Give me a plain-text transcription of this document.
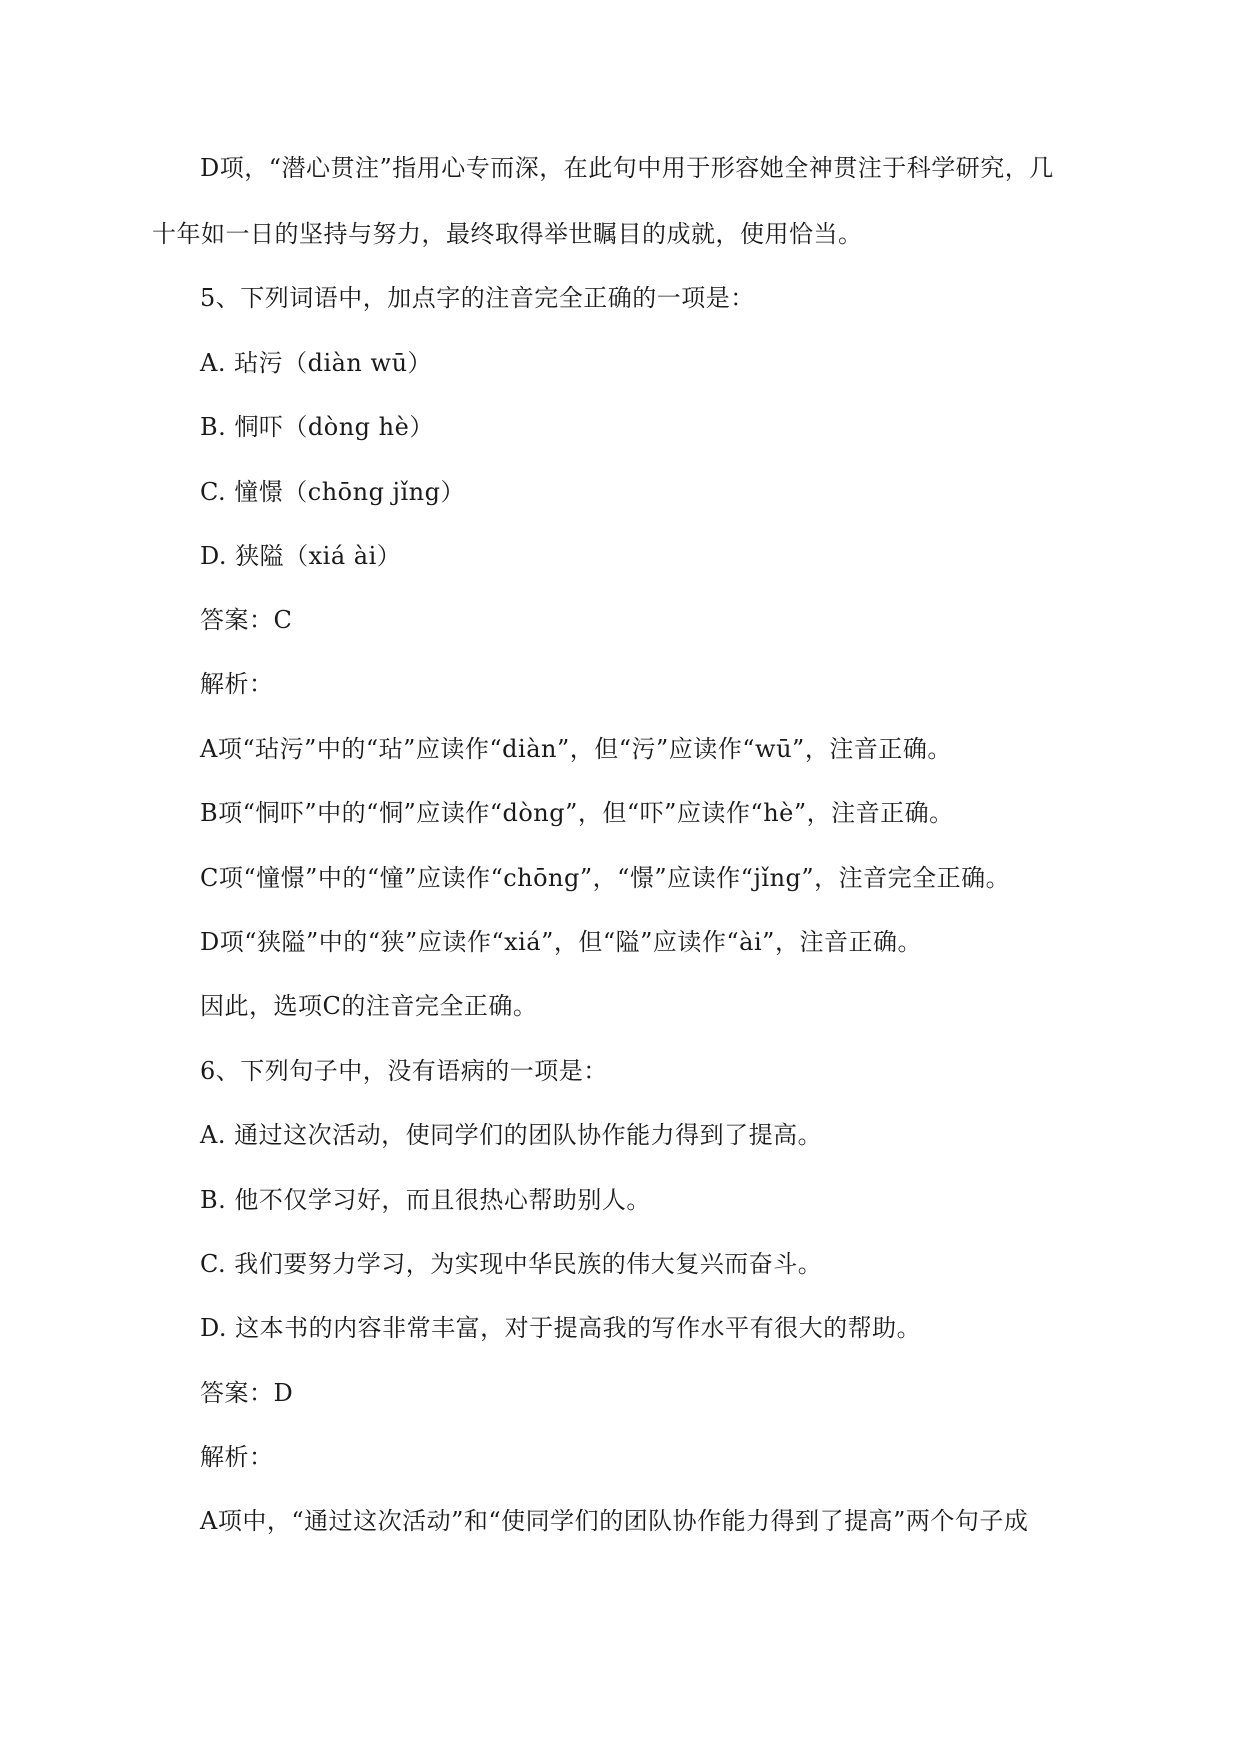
D项，“潜心贯注”指用心专而深，在此句中用于形容她全神贯注于科学研究，几
十年如一日的坚持与努力，最终取得举世瞩目的成就，使用恰当。
5、下列词语中，加点字的注音完全正确的一项是：
A. 玷污（diàn wū）
B. 恫吓（dòng hè）
C. 憧憬（chōng jǐng）
D. 狭隘（xiá ài）
答案：C
解析：
A项“玷污”中的“玷”应读作“diàn”，但“污”应读作“wū”，注音正确。
B项“恫吓”中的“恫”应读作“dòng”，但“吓”应读作“hè”，注音正确。
C项“憧憬”中的“憧”应读作“chōng”，“憬”应读作“jǐng”，注音完全正确。
D项“狭隘”中的“狭”应读作“xiá”，但“隘”应读作“ài”，注音正确。
因此，选项C的注音完全正确。
6、下列句子中，没有语病的一项是：
A. 通过这次活动，使同学们的团队协作能力得到了提高。
B. 他不仅学习好，而且很热心帮助别人。
C. 我们要努力学习，为实现中华民族的伟大复兴而奋斗。
D. 这本书的内容非常丰富，对于提高我的写作水平有很大的帮助。
答案：D
解析：
A项中，“通过这次活动”和“使同学们的团队协作能力得到了提高”两个句子成
